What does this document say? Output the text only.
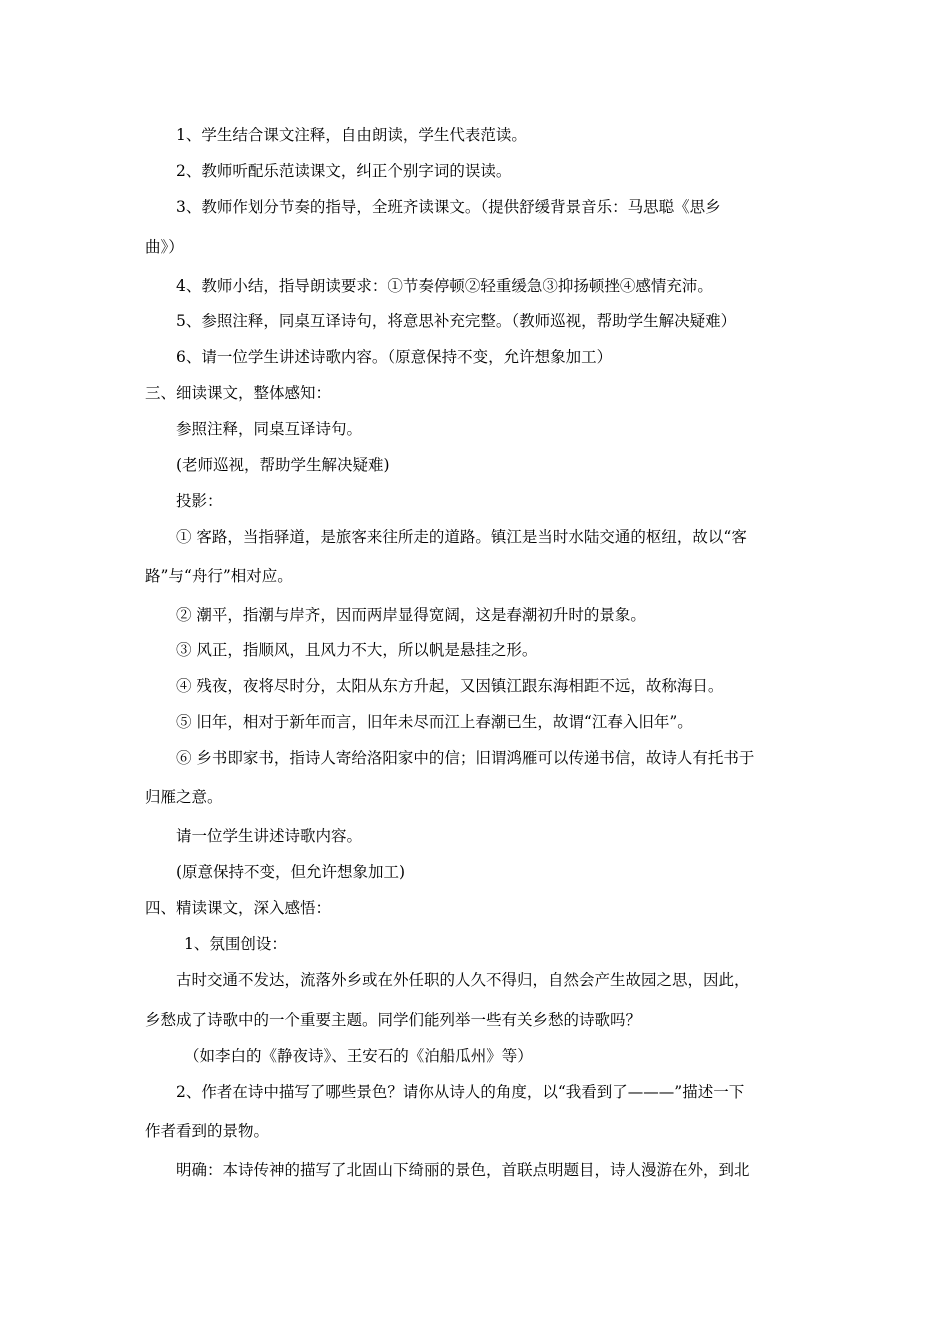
1、学生结合课文注释，自由朗读，学生代表范读。
2、教师听配乐范读课文，纠正个别字词的误读。
3、教师作划分节奏的指导，全班齐读课文。（提供舒缓背景音乐：马思聪《思乡
曲》）
4、教师小结，指导朗读要求：①节奏停顿②轻重缓急③抑扬顿挫④感情充沛。
5、参照注释，同桌互译诗句，将意思补充完整。（教师巡视，帮助学生解决疑难）
6、请一位学生讲述诗歌内容。（原意保持不变，允许想象加工）
三、细读课文，整体感知：
参照注释，同桌互译诗句。
(老师巡视，帮助学生解决疑难)
投影：
① 客路，当指驿道，是旅客来往所走的道路。镇江是当时水陆交通的枢纽，故以“客
路”与“舟行”相对应。
② 潮平，指潮与岸齐，因而两岸显得宽阔，这是春潮初升时的景象。
③ 风正，指顺风，且风力不大，所以帆是悬挂之形。
④ 残夜，夜将尽时分，太阳从东方升起，又因镇江跟东海相距不远，故称海日。
⑤ 旧年，相对于新年而言，旧年未尽而江上春潮已生，故谓“江春入旧年”。
⑥ 乡书即家书，指诗人寄给洛阳家中的信；旧谓鸿雁可以传递书信，故诗人有托书于
归雁之意。
请一位学生讲述诗歌内容。
(原意保持不变，但允许想象加工)
四、精读课文，深入感悟：
1、氛围创设：
古时交通不发达，流落外乡或在外任职的人久不得归，自然会产生故园之思，因此，
乡愁成了诗歌中的一个重要主题。同学们能列举一些有关乡愁的诗歌吗？
（如李白的《静夜诗》、王安石的《泊船瓜州》等）
2、作者在诗中描写了哪些景色？请你从诗人的角度，以“我看到了———”描述一下
作者看到的景物。
明确：本诗传神的描写了北固山下绮丽的景色，首联点明题目，诗人漫游在外，到北
